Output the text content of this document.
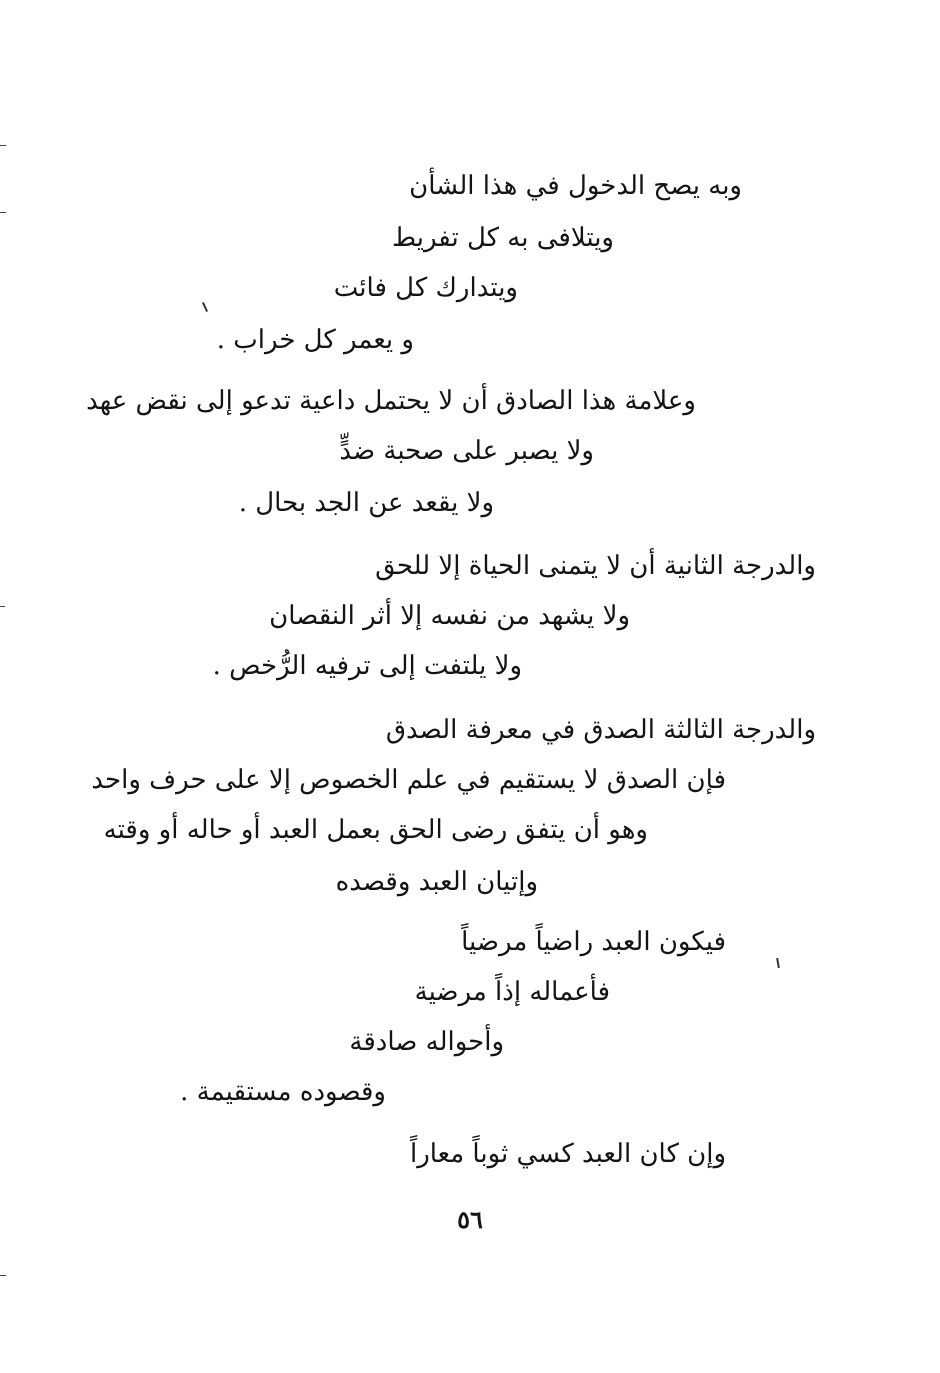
وبه يصح الدخول في هذا الشأن
ويتلافى به كل تفريط
ويتدارك كل فائت
و يعمر كل خراب .
وعلامة هذا الصادق أن لا يحتمل داعية تدعو إلى نقض عهد
ولا يصبر على صحبة ضدٍّ
ولا يقعد عن الجد بحال .
والدرجة الثانية أن لا يتمنى الحياة إلا للحق
ولا يشهد من نفسه إلا أثر النقصان
ولا يلتفت إلى ترفيه الرُّخص .
والدرجة الثالثة الصدق في معرفة الصدق
فإن الصدق لا يستقيم في علم الخصوص إلا على حرف واحد
وهو أن يتفق رضى الحق بعمل العبد أو حاله أو وقته
وإتيان العبد وقصده
فيكون العبد راضياً مرضياً
فأعماله إذاً مرضية
وأحواله صادقة
وقصوده مستقيمة .
وإن كان العبد كسي ثوباً معاراً
٥٦
